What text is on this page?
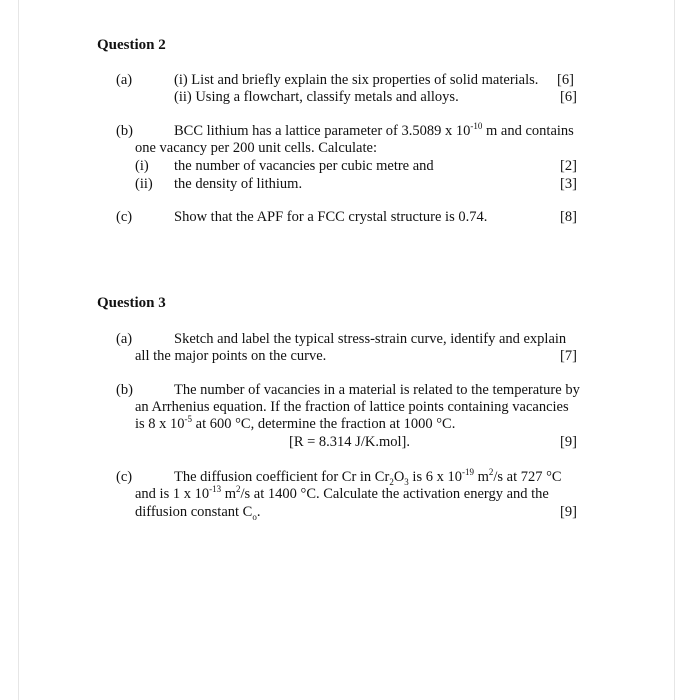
Question 2
(a)	(i) List and briefly explain the six properties of solid materials. [6]
(ii) Using a flowchart, classify metals and alloys.	[6]
(b)	BCC lithium has a lattice parameter of 3.5089 x $10^{-10}$ m and contains
one vacancy per 200 unit cells. Calculate:
(i) the number of vacancies per cubic metre and	[2]
(ii) the density of lithium.	[3]
(c)	Show that the APF for a FCC crystal structure is 0.74.	[8]
Question 3
(a)	Sketch and label the typical stress-strain curve, identify and explain
all the major points on the curve.	[7]
(b)	The number of vacancies in a material is related to the temperature by
an Arrhenius equation. If the fraction of lattice points containing vacancies
is 8 x $10^{-5}$ at 600 °C, determine the fraction at 1000 °C.
[R = 8.314 J/K.mol].	[9]
(c)	The diffusion coefficient for Cr in $Cr_2O_3$ is 6 x $10^{-19}$ $m^2/s$ at 727 °C
and is 1 x $10^{-13}$ $m^2/s$ at 1400 °C. Calculate the activation energy and the
diffusion constant $C_o$.	[9]
